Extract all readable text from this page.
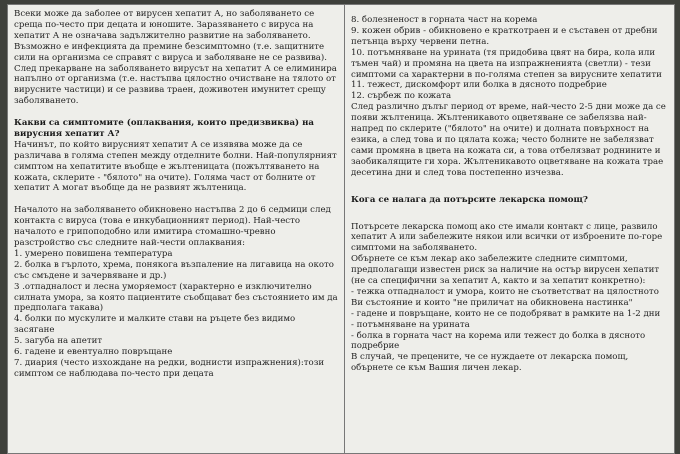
Всеки може да заболее от вирусен хепатит А, но заболяването се среща по-често при децата и юношите. Заразяването с вируса на хепатит А не означава задължително развитие на заболяването. Възможно е инфекцията да премине безсимптомно (т.е. защитните сили на организма се справят с вируса и заболяване не се развива).

След прекарване на заболяването вирусът на хепатит А се елиминира напълно от организма (т.е. настъпва цялостно очистване на тялото от вирусните частици) и се развива траен, доживотен имунитет срещу заболяването.

Какви са симптомите (оплаквания, които предизвиква) на вирусния хепатит А?

Начинът, по който вирусният хепатит А се изявява може да се различава в голяма степен между отделните болни. Най-популярният симптом на хепатитите въобще е жълтеницата (пожълтяването на кожата, склерите - "бялото" на очите). Голяма част от болните от хепатит А могат въобще да не развият жълтеница.

Началото на заболяването обикновено настъпва 2 до 6 седмици след контакта с вируса (това е инкубационният период). Най-често началото е грипоподобно или имитира стомашно-чревно разстройство със следните най-чести оплаквания:

1. умерено повишена температура

2. болка в гърлото, хрема, понякога възпаление на лигавица на окото със смъдене и зачервяване и др.)

3 .отпадналост и лесна уморяемост (характерно е изключително силната умора, за която пациентите съобщават без състоянието им да предполага такава)

4. болки по мускулите и малките стави на ръцете без видимо засягане

5. загуба на апетит

6. гадене и евентуално повръщане

7. диария (често изхождане на редки, воднисти изпражнения):този симптом се наблюдава по-често при децата

8. болезненост в горната част на корема

9. кожен обрив - обикновено е краткотраен и е съставен от дребни петънца върху червени петна.

10. потъмняване на урината (тя придобива цвят на бира, кола или тъмен чай) и промяна на цвета на изпражненията (светли) - тези симптоми са характерни в по-голяма степен за вирусните хепатити

11. тежест, дискомфорт или болка в дясното подребрие

12. сърбеж по кожата

След различно дълъг период от време, най-често 2-5 дни може да се появи жълтеница. Жълтеникавото оцветяване се забелязва най-напред по склерите ("бялото" на очите) и долната повърхност на езика, а след това и по цялата кожа; често болните не забелязват сами промяна в цвета на кожата си, а това отбелязват роднините и заобикалящите ги хора. Жълтеникавото оцветяване на кожата трае десетина дни и след това постепенно изчезва.

Кога се налага да потърсите лекарска помощ?

Потърсете лекарска помощ ако сте имали контакт с лице, развило хепатит А или забележите някои или всички от изброените по-горе симптоми на заболяването.

Обърнете се към лекар ако забележите следните симптоми, предполагащи известен риск за наличие на остър вирусен хепатит (не са специфични за хепатит А, както и за хепатит конкретно):

- тежка отпадналост и умора, които не съответстват на цялостното Ви състояние и които "не приличат на обикновена настинка"

- гадене и повръщане, които не се подобряват в рамките на 1-2 дни

- потъмняване на урината

- болка в горната част на корема или тежест до болка в дясното подребрие

В случай, че прецените, че се нуждаете от лекарска помощ, обърнете се към Вашия личен лекар.
